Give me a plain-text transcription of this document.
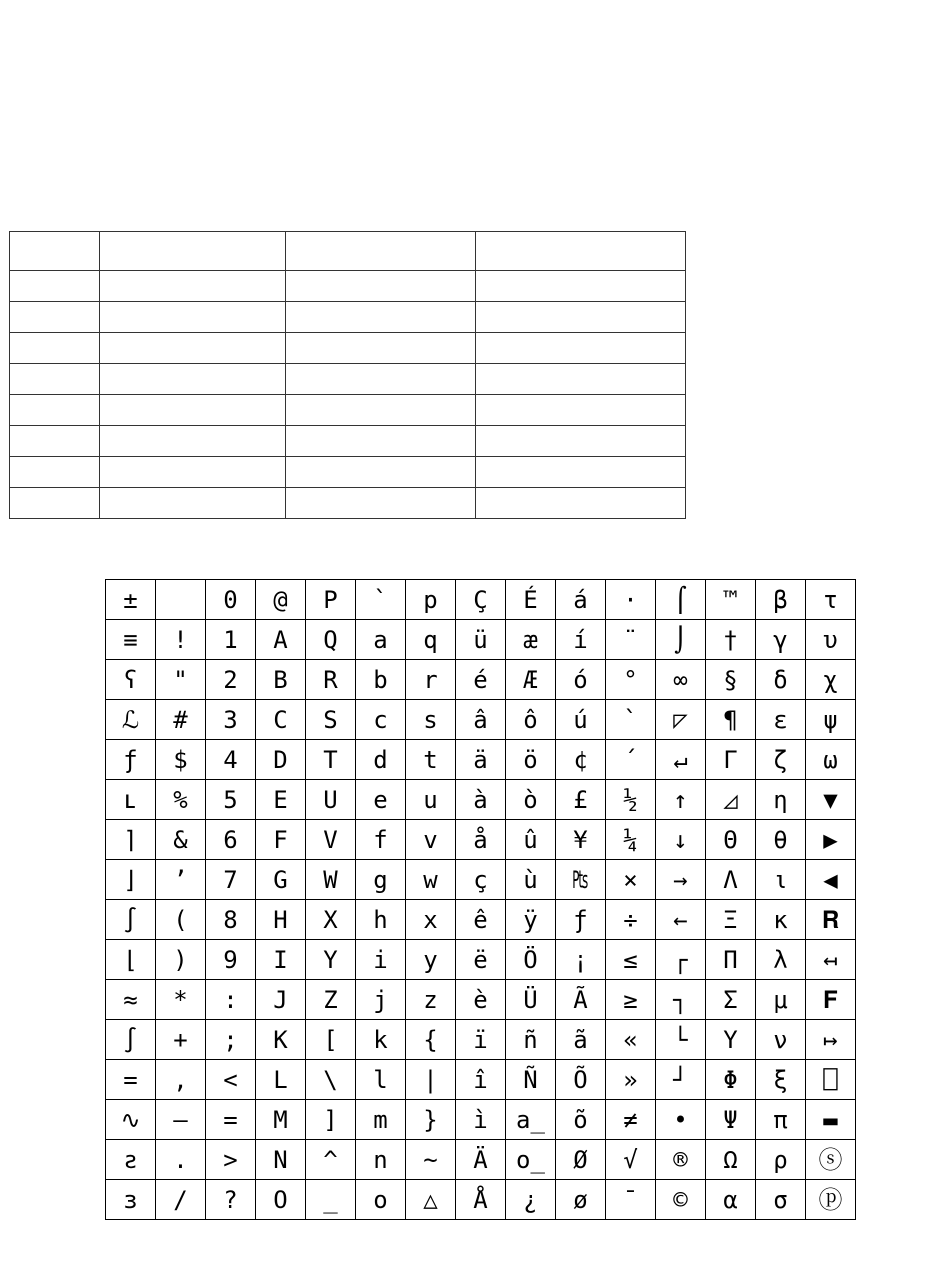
±		0	@	P	`	p	Ç	É	á	·	⌠	™	β	τ
≡	!	1	A	Q	a	q	ü	æ	í	¨	⌡	†	γ	υ
ʕ	"	2	B	R	b	r	é	Æ	ó	°	∞	§	δ	χ
ℒ	#	3	C	S	c	s	â	ô	ú	`	◸	¶	ε	ψ
ƒ	$	4	D	T	d	t	ä	ö	¢	´	↵	Γ	ζ	ω
ʟ	%	5	E	U	e	u	à	ò	£	½	↑	◿	η	▼
⌉	&	6	F	V	f	v	å	û	¥	¼	↓	Θ	θ	▶
⌋	’	7	G	W	g	w	ç	ù	₧	×	→	Λ	ι	◀
∫	(	8	H	X	h	x	ê	ÿ	ƒ	÷	←	Ξ	κ	𝐑
⌊	)	9	I	Y	i	y	ë	Ö	¡	≤	┌	Π	λ	↤
≈	*	:	J	Z	j	z	è	Ü	Ã	≥	┐	Σ	μ	𝐅
∫	+	;	K	[	k	{	ï	ñ	ã	«	└	Υ	ν	↦
=	,	<	L	\	l	|	î	Ñ	Õ	»	┘	Φ	ξ	⎕
∿	—	=	M	]	m	}	ì	a̲	õ	≠	•	Ψ	π	▬
ƨ	.	>	N	^	n	~	Ä	o̲	Ø	√	®	Ω	ρ	ⓢ
ɜ	/	?	O	_	o	△	Å	¿	ø	¯	©	α	σ	ⓟ
